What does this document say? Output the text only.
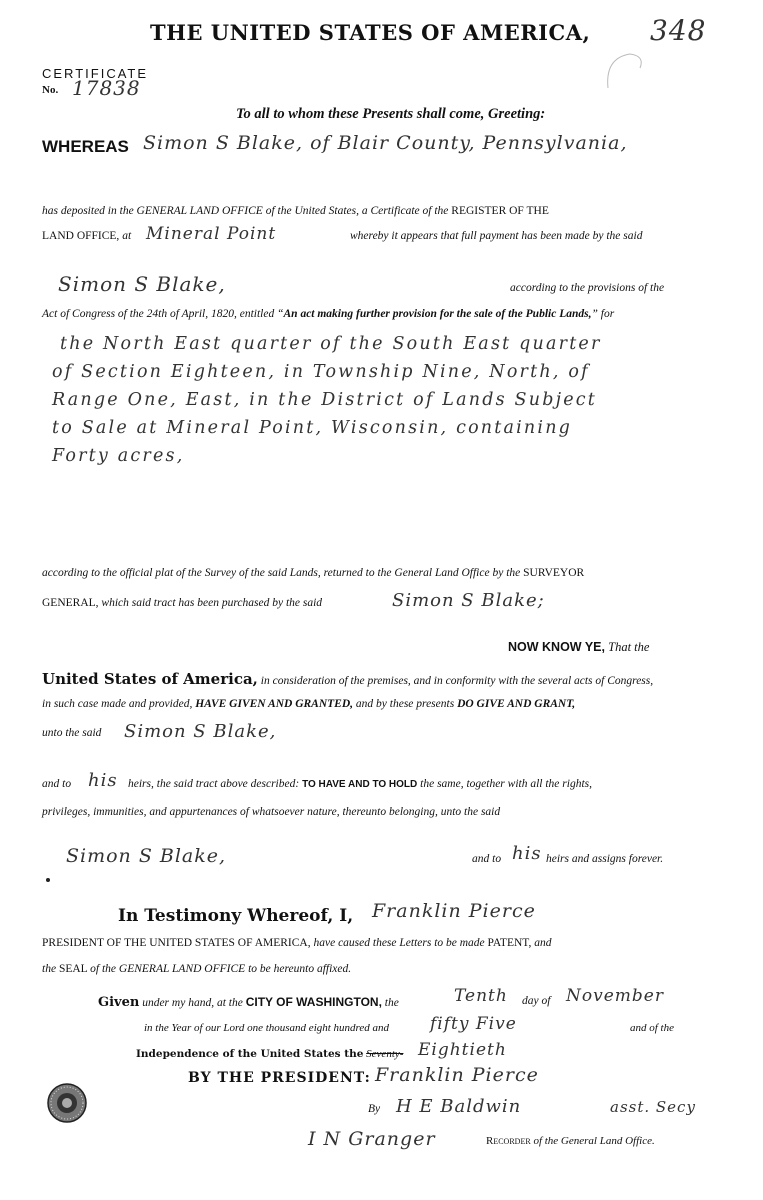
THE UNITED STATES OF AMERICA, 348
CERTIFICATE
No. 17838
To all to whom these Presents shall come, Greeting:
WHEREAS Simon S Blake, of Blair County, Pennsylvania,
has deposited in the GENERAL LAND OFFICE of the United States, a Certificate of the REGISTER OF THE
LAND OFFICE, at Mineral Point	whereby it appears that full payment has been made by the said
Simon S Blake,	according to the provisions of the
Act of Congress of the 24th of April, 1820, entitled “An act making further provision for the sale of the Public Lands,” for
the North East quarter of the South East quarter
of Section Eighteen, in Township Nine, North, of
Range One, East, in the District of Lands Subject
to Sale at Mineral Point, Wisconsin, containing
Forty acres,
according to the official plat of the Survey of the said Lands, returned to the General Land Office by the SURVEYOR
GENERAL, which said tract has been purchased by the said	Simon S Blake;
NOW KNOW YE, That the
United States of America, in consideration of the premises, and in conformity with the several acts of Congress,
in such case made and provided, HAVE GIVEN AND GRANTED, and by these presents DO GIVE AND GRANT,
unto the said Simon S Blake,
and to his heirs, the said tract above described: TO HAVE AND TO HOLD the same, together with all the rights,
privileges, immunities, and appurtenances of whatsoever nature, thereunto belonging, unto the said
Simon S Blake,	and to his heirs and assigns forever.
In Testimony Whereof, I, Franklin Pierce
PRESIDENT OF THE UNITED STATES OF AMERICA, have caused these Letters to be made PATENT, and
the SEAL of the GENERAL LAND OFFICE to be hereunto affixed.
Given under my hand, at the CITY OF WASHINGTON, the	Tenth day of November
in the Year of our Lord one thousand eight hundred and fifty Five	and of the
Independence of the United States the Seventy- Eightieth
BY THE PRESIDENT: Franklin Pierce
By H E Baldwin	asst. Secy
I N Granger	Recorder of the General Land Office.
